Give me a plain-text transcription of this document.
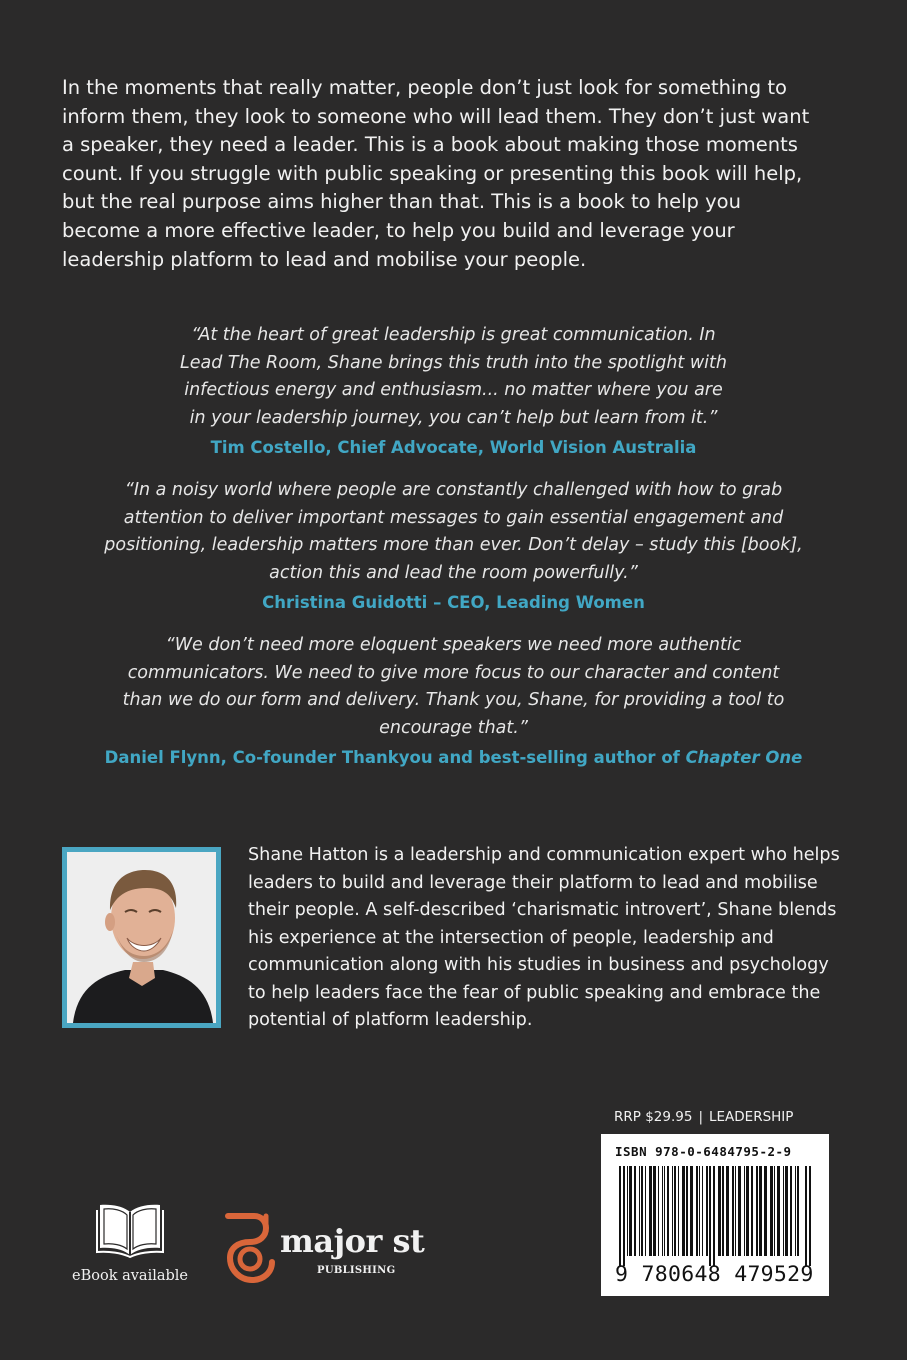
In the moments that really matter, people don’t just look for something to inform them, they look to someone who will lead them. They don’t just want a speaker, they need a leader. This is a book about making those moments count. If you struggle with public speaking or presenting this book will help, but the real purpose aims higher than that. This is a book to help you become a more effective leader, to help you build and leverage your leadership platform to lead and mobilise your people.

“At the heart of great leadership is great communication. In Lead The Room, Shane brings this truth into the spotlight with infectious energy and enthusiasm... no matter where you are in your leadership journey, you can’t help but learn from it.”

Tim Costello, Chief Advocate, World Vision Australia

“In a noisy world where people are constantly challenged with how to grab attention to deliver important messages to gain essential engagement and positioning, leadership matters more than ever. Don’t delay – study this [book], action this and lead the room powerfully.”

Christina Guidotti – CEO, Leading Women

“We don’t need more eloquent speakers we need more authentic communicators. We need to give more focus to our character and content than we do our form and delivery. Thank you, Shane, for providing a tool to encourage that.”

Daniel Flynn, Co-founder Thankyou and best-selling author of Chapter One

Shane Hatton is a leadership and communication expert who helps leaders to build and leverage their platform to lead and mobilise their people. A self-described ‘charismatic introvert’, Shane blends his experience at the intersection of people, leadership and communication along with his studies in business and psychology to help leaders face the fear of public speaking and embrace the potential of platform leadership.

RRP $29.95 | LEADERSHIP
ISBN 978-0-6484795-2-9
9 780648 479529
eBook available
major st
PUBLISHING
